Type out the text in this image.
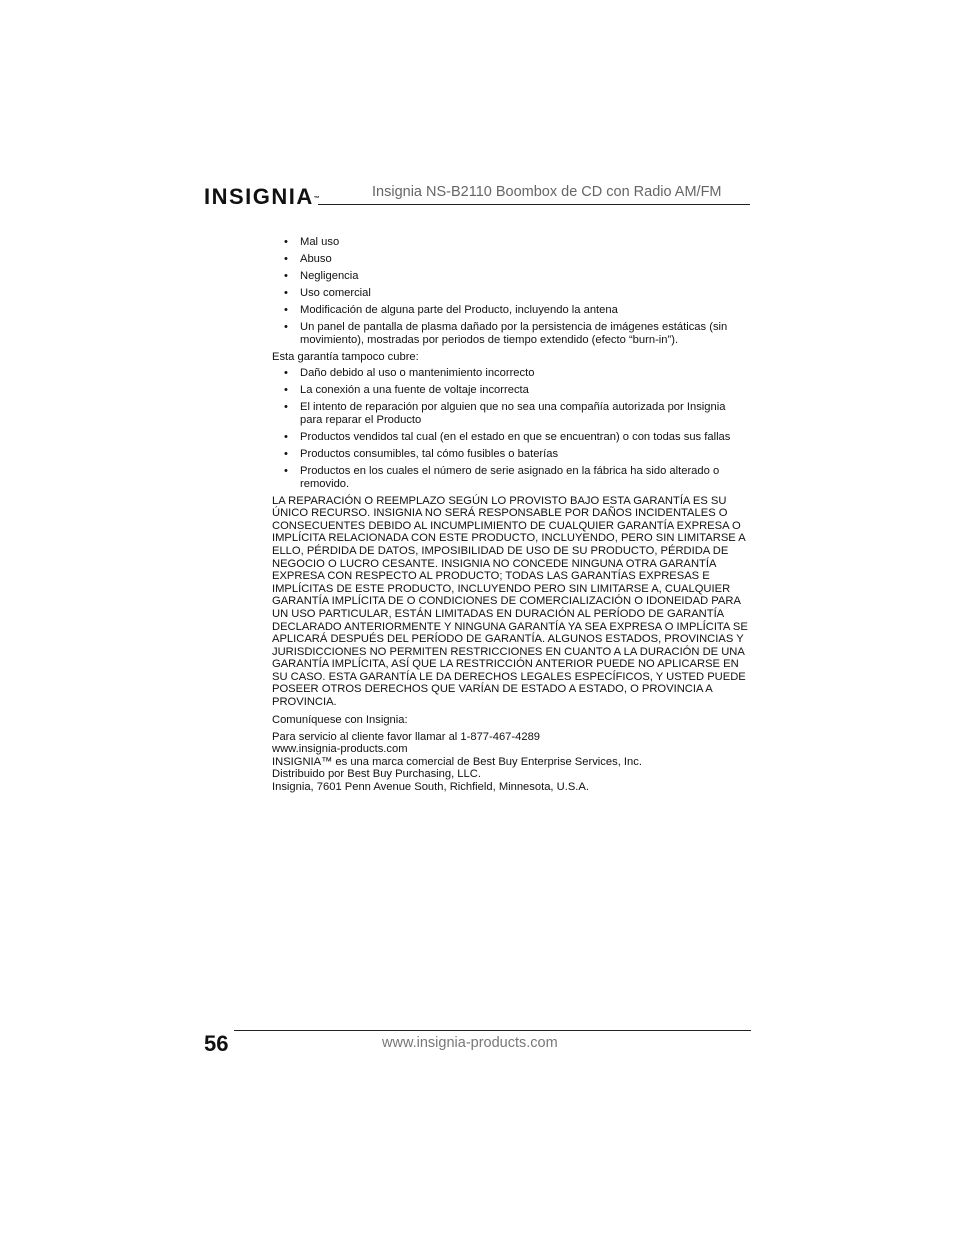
INSIGNIA™	Insignia NS-B2110 Boombox de CD con Radio AM/FM
• Mal uso
• Abuso
• Negligencia
• Uso comercial
• Modificación de alguna parte del Producto, incluyendo la antena
• Un panel de pantalla de plasma dañado por la persistencia de imágenes estáticas (sin movimiento), mostradas por periodos de tiempo extendido (efecto “burn-in”).

Esta garantía tampoco cubre:

• Daño debido al uso o mantenimiento incorrecto
• La conexión a una fuente de voltaje incorrecta
• El intento de reparación por alguien que no sea una compañía autorizada por Insignia para reparar el Producto
• Productos vendidos tal cual (en el estado en que se encuentran) o con todas sus fallas
• Productos consumibles, tal cómo fusibles o baterías
• Productos en los cuales el número de serie asignado en la fábrica ha sido alterado o removido.

LA REPARACIÓN O REEMPLAZO SEGÚN LO PROVISTO BAJO ESTA GARANTÍA ES SU ÚNICO RECURSO. INSIGNIA NO SERÁ RESPONSABLE POR DAÑOS INCIDENTALES O CONSECUENTES DEBIDO AL INCUMPLIMIENTO DE CUALQUIER GARANTÍA EXPRESA O IMPLÍCITA RELACIONADA CON ESTE PRODUCTO, INCLUYENDO, PERO SIN LIMITARSE A ELLO, PÉRDIDA DE DATOS, IMPOSIBILIDAD DE USO DE SU PRODUCTO, PÉRDIDA DE NEGOCIO O LUCRO CESANTE. INSIGNIA NO CONCEDE NINGUNA OTRA GARANTÍA EXPRESA CON RESPECTO AL PRODUCTO; TODAS LAS GARANTÍAS EXPRESAS E IMPLÍCITAS DE ESTE PRODUCTO, INCLUYENDO PERO SIN LIMITARSE A, CUALQUIER GARANTÍA IMPLÍCITA DE O CONDICIONES DE COMERCIALIZACIÓN O IDONEIDAD PARA UN USO PARTICULAR, ESTÁN LIMITADAS EN DURACIÓN AL PERÍODO DE GARANTÍA DECLARADO ANTERIORMENTE Y NINGUNA GARANTÍA YA SEA EXPRESA O IMPLÍCITA SE APLICARÁ DESPUÉS DEL PERÍODO DE GARANTÍA. ALGUNOS ESTADOS, PROVINCIAS Y JURISDICCIONES NO PERMITEN RESTRICCIONES EN CUANTO A LA DURACIÓN DE UNA GARANTÍA IMPLÍCITA, ASÍ QUE LA RESTRICCIÓN ANTERIOR PUEDE NO APLICARSE EN SU CASO. ESTA GARANTÍA LE DA DERECHOS LEGALES ESPECÍFICOS, Y USTED PUEDE POSEER OTROS DERECHOS QUE VARÍAN DE ESTADO A ESTADO, O PROVINCIA A PROVINCIA.

Comuníquese con Insignia:

Para servicio al cliente favor llamar al 1-877-467-4289
www.insignia-products.com
INSIGNIA™ es una marca comercial de Best Buy Enterprise Services, Inc.
Distribuido por Best Buy Purchasing, LLC.
Insignia, 7601 Penn Avenue South, Richfield, Minnesota, U.S.A.
56	www.insignia-products.com
